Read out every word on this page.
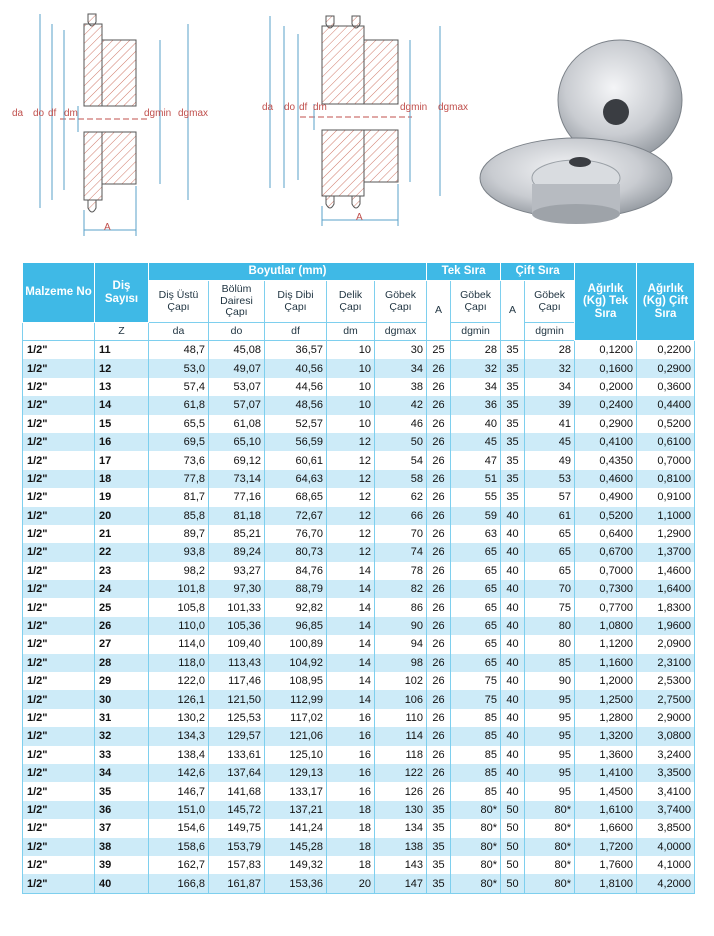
da do df dm	dgmin dgmax
A
da do df dm	dgmin dgmax
A
Malzeme No	Diş Sayısı	Boyutlar (mm)					Tek Sıra		Çift Sıra		Ağırlık (Kg) Tek Sıra	Ağırlık (Kg) Çift Sıra
		Diş Üstü Çapı	Bölüm Dairesi Çapı	Diş Dibi Çapı	Delik Çapı	Göbek Çapı	A	Göbek Çapı	A	Göbek Çapı		
	Z	da	do	df	dm	dgmax		dgmin		dgmin		
1/2"	11	48,7	45,08	36,57	10	30	25	28	35	28	0,1200	0,2200
1/2"	12	53,0	49,07	40,56	10	34	26	32	35	32	0,1600	0,2900
1/2"	13	57,4	53,07	44,56	10	38	26	34	35	34	0,2000	0,3600
1/2"	14	61,8	57,07	48,56	10	42	26	36	35	39	0,2400	0,4400
1/2"	15	65,5	61,08	52,57	10	46	26	40	35	41	0,2900	0,5200
1/2"	16	69,5	65,10	56,59	12	50	26	45	35	45	0,4100	0,6100
1/2"	17	73,6	69,12	60,61	12	54	26	47	35	49	0,4350	0,7000
1/2"	18	77,8	73,14	64,63	12	58	26	51	35	53	0,4600	0,8100
1/2"	19	81,7	77,16	68,65	12	62	26	55	35	57	0,4900	0,9100
1/2"	20	85,8	81,18	72,67	12	66	26	59	40	61	0,5200	1,1000
1/2"	21	89,7	85,21	76,70	12	70	26	63	40	65	0,6400	1,2900
1/2"	22	93,8	89,24	80,73	12	74	26	65	40	65	0,6700	1,3700
1/2"	23	98,2	93,27	84,76	14	78	26	65	40	65	0,7000	1,4600
1/2"	24	101,8	97,30	88,79	14	82	26	65	40	70	0,7300	1,6400
1/2"	25	105,8	101,33	92,82	14	86	26	65	40	75	0,7700	1,8300
1/2"	26	110,0	105,36	96,85	14	90	26	65	40	80	1,0800	1,9600
1/2"	27	114,0	109,40	100,89	14	94	26	65	40	80	1,1200	2,0900
1/2"	28	118,0	113,43	104,92	14	98	26	65	40	85	1,1600	2,3100
1/2"	29	122,0	117,46	108,95	14	102	26	75	40	90	1,2000	2,5300
1/2"	30	126,1	121,50	112,99	14	106	26	75	40	95	1,2500	2,7500
1/2"	31	130,2	125,53	117,02	16	110	26	85	40	95	1,2800	2,9000
1/2"	32	134,3	129,57	121,06	16	114	26	85	40	95	1,3200	3,0800
1/2"	33	138,4	133,61	125,10	16	118	26	85	40	95	1,3600	3,2400
1/2"	34	142,6	137,64	129,13	16	122	26	85	40	95	1,4100	3,3500
1/2"	35	146,7	141,68	133,17	16	126	26	85	40	95	1,4500	3,4100
1/2"	36	151,0	145,72	137,21	18	130	35	80*	50	80*	1,6100	3,7400
1/2"	37	154,6	149,75	141,24	18	134	35	80*	50	80*	1,6600	3,8500
1/2"	38	158,6	153,79	145,28	18	138	35	80*	50	80*	1,7200	4,0000
1/2"	39	162,7	157,83	149,32	18	143	35	80*	50	80*	1,7600	4,1000
1/2"	40	166,8	161,87	153,36	20	147	35	80*	50	80*	1,8100	4,2000
